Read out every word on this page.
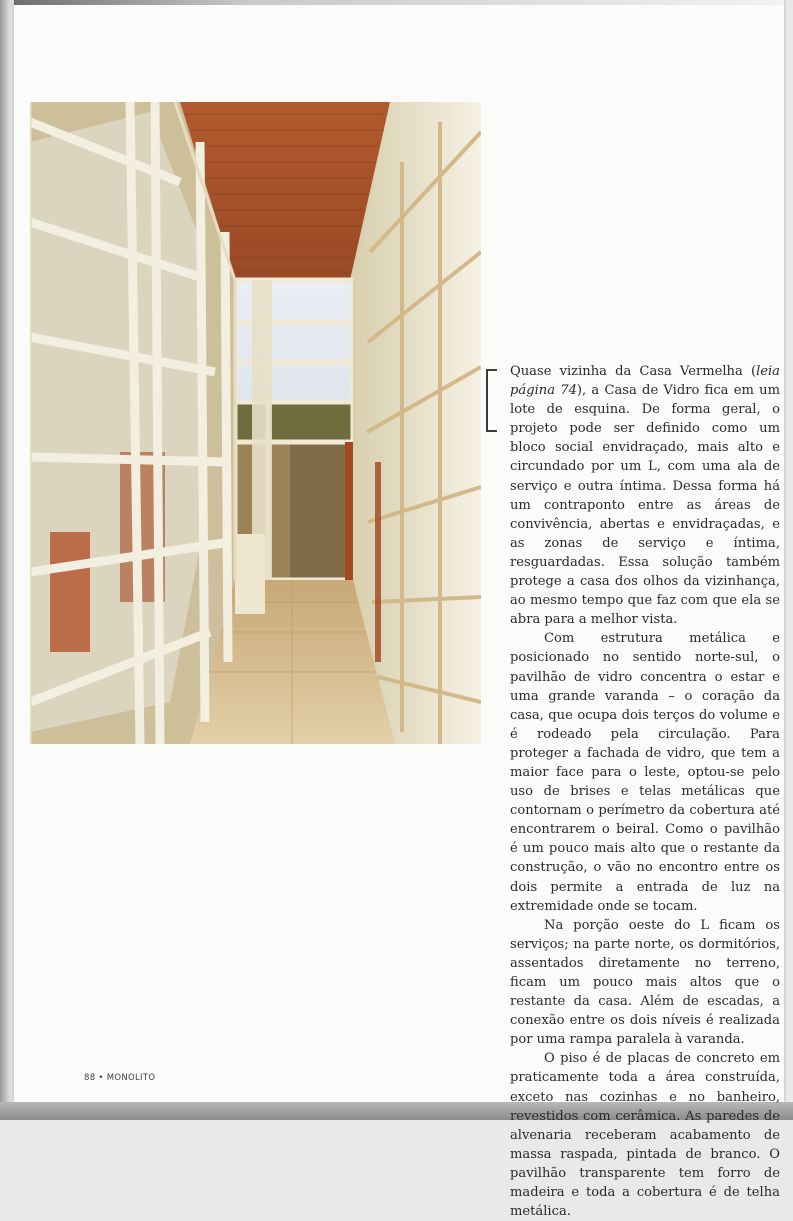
Quase vizinha da Casa Vermelha (leia página 74), a Casa de Vidro fica em um lote de esquina. De forma geral, o projeto pode ser definido como um bloco social envidraçado, mais alto e circundado por um L, com uma ala de serviço e outra íntima. Dessa forma há um contraponto entre as áreas de convivência, abertas e envidraçadas, e as zonas de serviço e íntima, resguardadas. Essa solução também protege a casa dos olhos da vizinhança, ao mesmo tempo que faz com que ela se abra para a melhor vista.

Com estrutura metálica e posicionado no sentido norte-sul, o pavilhão de vidro concentra o estar e uma grande varanda – o coração da casa, que ocupa dois terços do volume e é rodeado pela circulação. Para proteger a fachada de vidro, que tem a maior face para o leste, optou-se pelo uso de brises e telas metálicas que contornam o perímetro da cobertura até encontrarem o beiral. Como o pavilhão é um pouco mais alto que o restante da construção, o vão no encontro entre os dois permite a entrada de luz na extremidade onde se tocam.

Na porção oeste do L ficam os serviços; na parte norte, os dormitórios, assentados diretamente no terreno, ficam um pouco mais altos que o restante da casa. Além de escadas, a conexão entre os dois níveis é realizada por uma rampa paralela à varanda.

O piso é de placas de concreto em praticamente toda a área construída, exceto nas cozinhas e no banheiro, revestidos com cerâmica. As paredes de alvenaria receberam acabamento de massa raspada, pintada de branco. O pavilhão transparente tem forro de madeira e toda a cobertura é de telha metálica.

88 • MONOLITO
